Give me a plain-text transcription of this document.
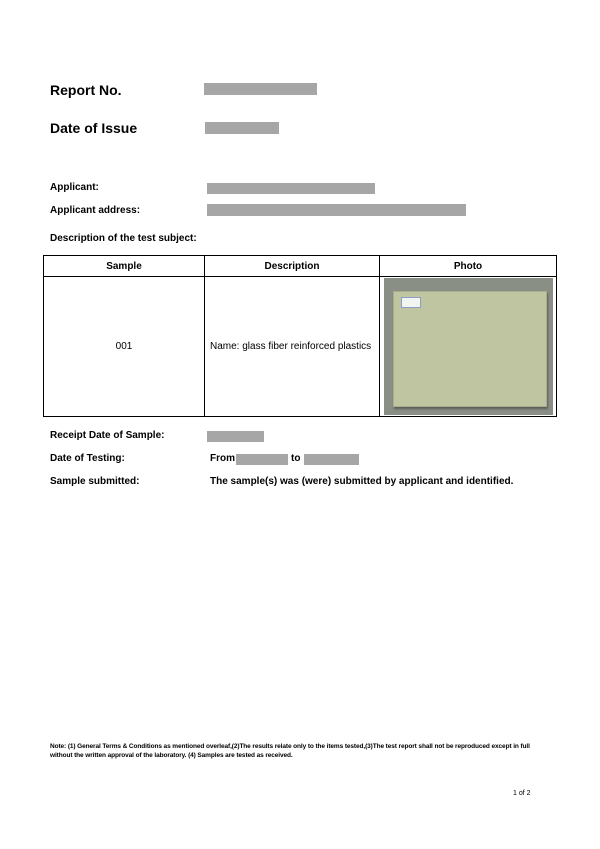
Report No.
Date of Issue
Applicant:
Applicant address:
Description of the test subject:
Sample	Description	Photo
001	Name: glass fiber reinforced plastics	
Receipt Date of Sample:
Date of Testing:	From	to
Sample submitted:	The sample(s) was (were) submitted by applicant and identified.
Note: (1) General Terms & Conditions as mentioned overleaf,(2)The results relate only to the items tested,(3)The test report shall not be reproduced except in full without the written approval of the laboratory. (4) Samples are tested as received.
1 of 2
